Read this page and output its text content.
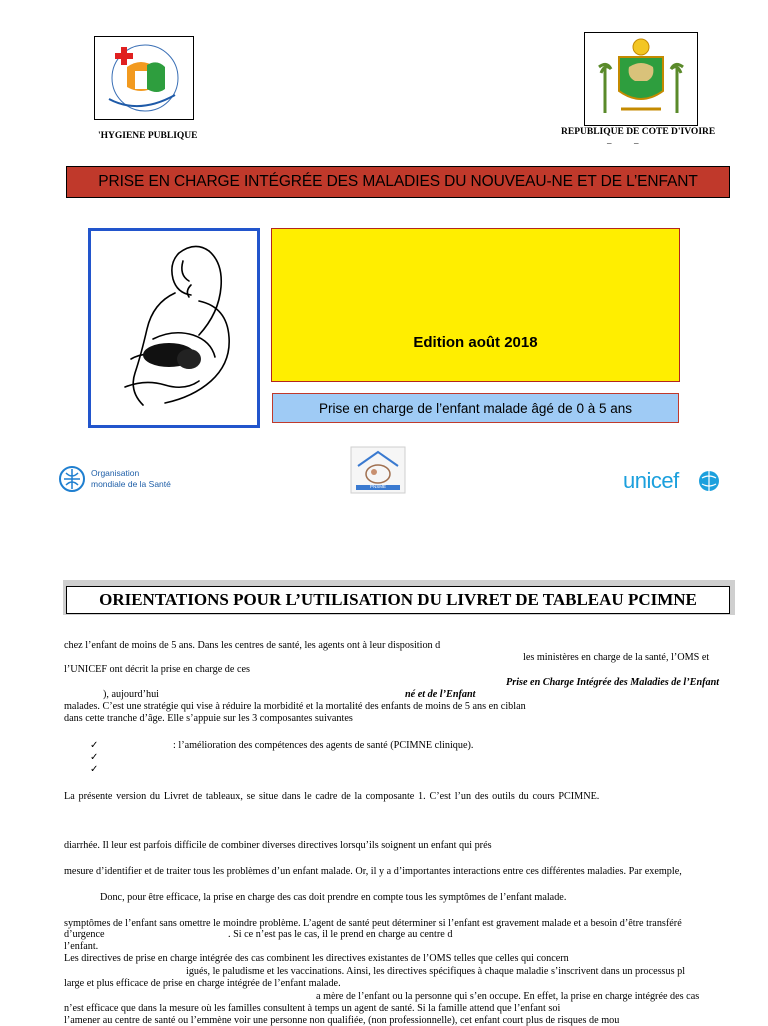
'HYGIENE PUBLIQUE	REPUBLIQUE DE COTE D'IVOIRE
–          –
PRISE EN CHARGE INTÉGRÉE DES MALADIES DU NOUVEAU-NE ET DE L’ENFANT
Edition août 2018
Prise en charge de l’enfant malade âgé de 0 à 5 ans
Organisation
mondiale de la Santé	PNSME	unicef
ORIENTATIONS POUR L’UTILISATION DU LIVRET DE TABLEAU PCIMNE
chez l’enfant de moins de 5 ans. Dans les centres de santé, les agents ont à leur disposition d
les ministères en charge de la santé, l’OMS et
l’UNICEF ont décrit la prise en charge de ces
Prise en Charge Intégrée des Maladies de l’Enfant
), aujourd’hui	né et de l’Enfant
malades. C’est une stratégie qui vise à réduire la morbidité et la mortalité des enfants de moins de 5 ans en ciblan
dans cette tranche d’âge. Elle s’appuie sur les 3 composantes suivantes
✓	: l’amélioration des compétences des agents de santé (PCIMNE clinique).
✓
✓
La présente version du Livret de tableaux, se situe dans le cadre de la composante 1. C’est l’un des outils du cours PCIMNE.
diarrhée. Il leur est parfois difficile de combiner diverses directives lorsqu’ils soignent un enfant qui prés
mesure d’identifier et de traiter tous les problèmes d’un enfant malade. Or, il y a d’importantes interactions entre ces différentes maladies. Par exemple,
Donc, pour être efficace, la prise en charge des cas doit prendre en compte tous les symptômes de l’enfant malade.
symptômes de l’enfant sans omettre le moindre problème. L’agent de santé peut déterminer si l’enfant est gravement malade et a besoin d’être transféré
d’urgence	. Si ce n’est pas le cas, il le prend en charge au centre d
l’enfant.
Les directives de prise en charge intégrée des cas combinent les directives existantes de l’OMS telles que celles qui concern
igués, le paludisme et les vaccinations. Ainsi, les directives spécifiques à chaque maladie s’inscrivent dans un processus pl
large et plus efficace de prise en charge intégrée de l’enfant malade.
a mère de l’enfant ou la personne qui s’en occupe. En effet, la prise en charge intégrée des cas
n’est efficace que dans la mesure où les familles consultent à temps un agent de santé. Si la famille attend que l’enfant soi
l’amener au centre de santé ou l’emmène voir une personne non qualifiée, (non professionnelle), cet enfant court plus de risques de mou
